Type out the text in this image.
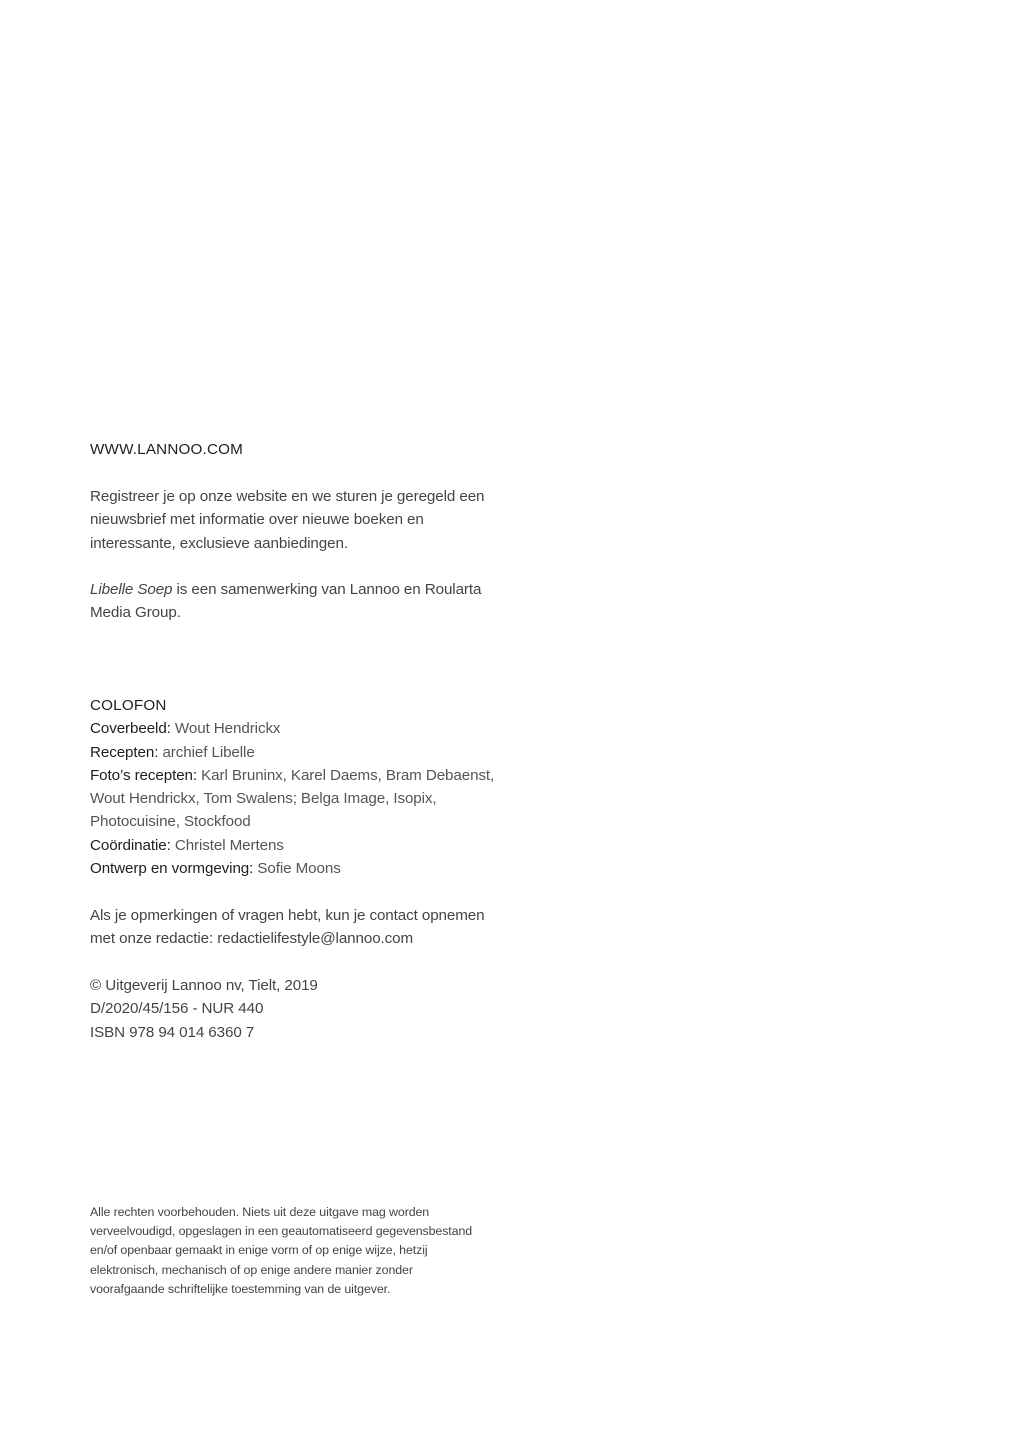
WWW.LANNOO.COM

Registreer je op onze website en we sturen je geregeld een

nieuwsbrief met informatie over nieuwe boeken en

interessante, exclusieve aanbiedingen.

Libelle Soep is een samenwerking van Lannoo en Roularta

Media Group.

COLOFON

Coverbeeld: Wout Hendrickx

Recepten: archief Libelle

Foto’s recepten: Karl Bruninx, Karel Daems, Bram Debaenst,

Wout Hendrickx, Tom Swalens; Belga Image, Isopix,

Photocuisine, Stockfood

Coördinatie: Christel Mertens

Ontwerp en vormgeving: Sofie Moons

Als je opmerkingen of vragen hebt, kun je contact opnemen

met onze redactie: redactielifestyle@lannoo.com

© Uitgeverij Lannoo nv, Tielt, 2019

D/2020/45/156 - NUR 440

ISBN 978 94 014 6360 7

Alle rechten voorbehouden. Niets uit deze uitgave mag worden

verveelvoudigd, opgeslagen in een geautomatiseerd gegevensbestand

en/of openbaar gemaakt in enige vorm of op enige wijze, hetzij

elektronisch, mechanisch of op enige andere manier zonder

voorafgaande schriftelijke toestemming van de uitgever.
